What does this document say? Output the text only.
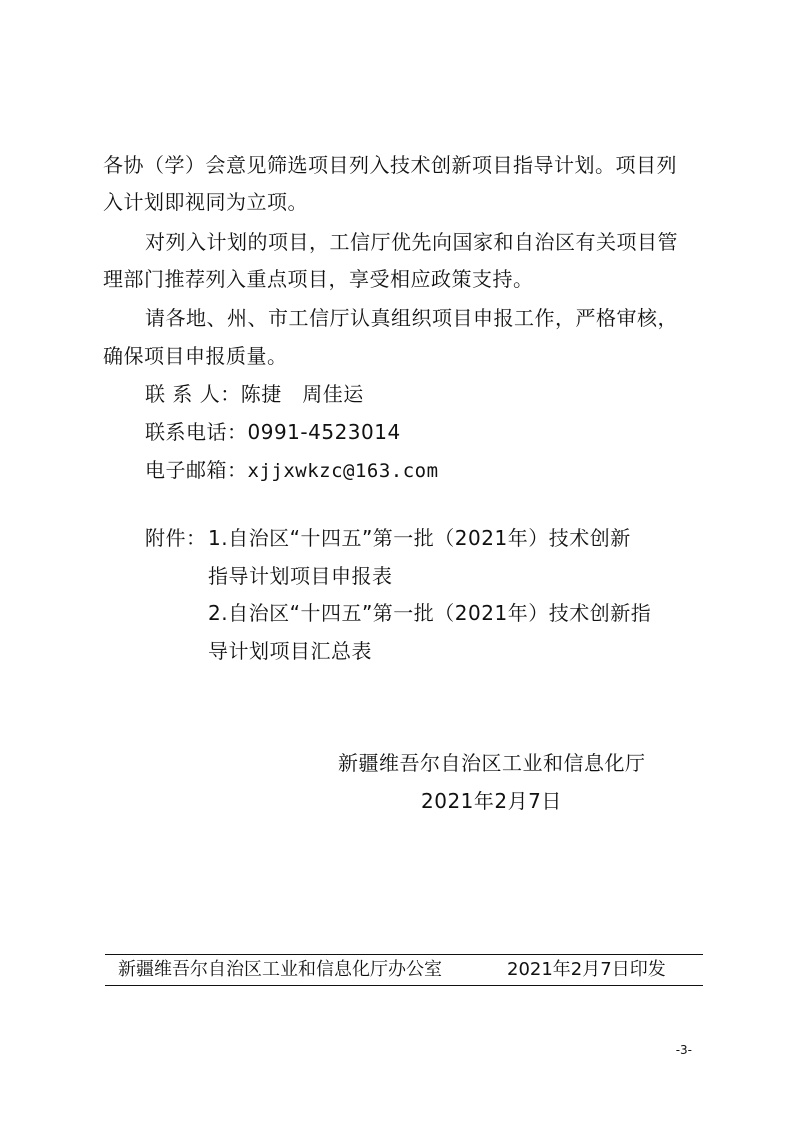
各协（学）会意见筛选项目列入技术创新项目指导计划。项目列
入计划即视同为立项。
对列入计划的项目，工信厅优先向国家和自治区有关项目管
理部门推荐列入重点项目，享受相应政策支持。
请各地、州、市工信厅认真组织项目申报工作，严格审核，
确保项目申报质量。
联 系 人：陈捷　周佳运
联系电话：0991-4523014
电子邮箱：xjjxwkzc@163.com
附件： 1.自治区“十四五”第一批（2021年）技术创新
指导计划项目申报表
2.自治区“十四五”第一批（2021年）技术创新指
导计划项目汇总表
新疆维吾尔自治区工业和信息化厅
2021年2月7日
新疆维吾尔自治区工业和信息化厅办公室	2021年2月7日印发
-3-
